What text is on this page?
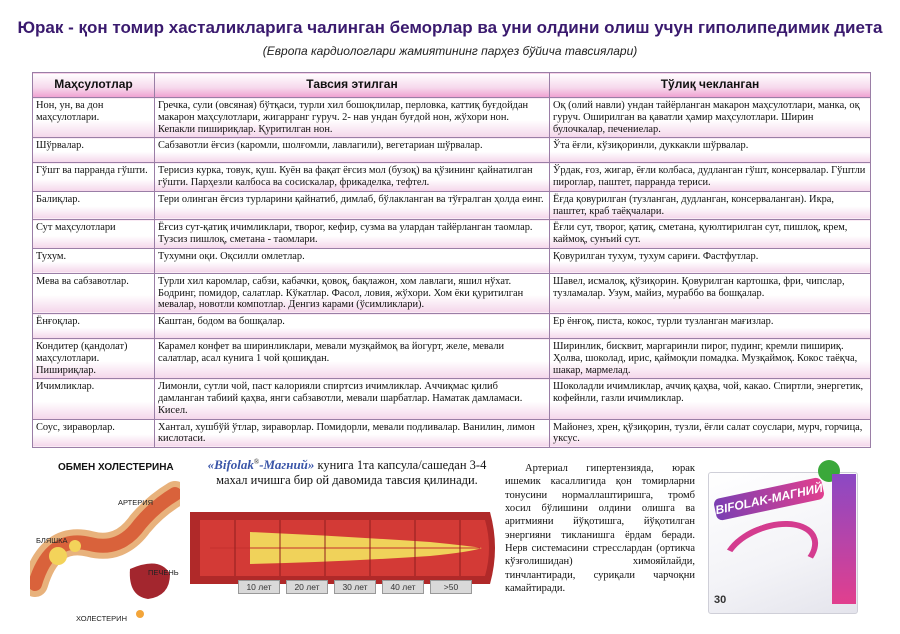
Юрак - қон томир хасталикларига чалинган беморлар ва уни олдини олиш учун гиполипедимик диета
(Европа кардиологлари жамиятининг парҳез бўйича тавсиялари)
Маҳсулотлар	Тавсия этилган	Тўлиқ чекланган
Нон, ун, ва дон маҳсулотлари.	Гречка, сули (овсяная) бўтқаси, турли хил бошоқлилар, перловка, каттиқ буғдойдан макарон маҳсулотлари, жигарранг гуруч. 2- нав ундан буғдой нон, жўхори нон. Кепакли пишириқлар. Қуритилган нон.	Оқ (олий навли) ундан тайёрланган макарон маҳсулотлари, манка, оқ гуруч. Оширилган ва қаватли ҳамир маҳсулотлари. Ширин булочкалар, печениелар.
Шўрвалар.	Сабзавотли ёғсиз (каромли, шолғомли, лавлагили), вегетариан шўрвалар.	Ўта ёғли, кўзиқоринли, дуккакли шўрвалар.
Гўшт ва парранда гўшти.	Терисиз курка, товук, қуш. Куён ва фақат ёғсиз мол (бузоқ) ва қўзининг қайнатилган гўшти. Парҳезли калбоса ва сосискалар, фрикаделка, тефтел.	Ўрдак, ғоз, жигар, ёғли колбаса, дудланган гўшт, консервалар. Гўштли пироглар, паштет, парранда териси.
Балиқлар.	Тери олинган ёғсиз турларини қайнатиб, димлаб, бўлакланган ва тўғралган ҳолда еинг.	Ёғда қовурилган (тузланган, дудланган, консерваланган). Икра, паштет, краб таёқчалари.
Сут маҳсулотлари	Ёғсиз сут-қатиқ ичимликлари, творог, кефир, сузма ва улардан тайёрланган таомлар. Тузсиз пишлоқ, сметана - таомлари.	Ёғли сут, творог, қатиқ, сметана, қуюлтирилган сут, пишлоқ, крем, каймоқ, сунъий сут.
Тухум.	Тухумни оқи. Оқсилли омлетлар.	Қовурилган тухум, тухум сариғи. Фастфутлар.
Мева ва сабзавотлар.	Турли хил каромлар, сабзи, кабачки, қовоқ, бақлажон, хом лавлаги, яшил нўхат. Бодринг, помидор, салатлар. Кўкатлар. Фасол, ловия, жўхори. Хом ёки қуритилган мевалар, новотли компотлар. Денгиз карами (ўсимликлари).	Шавел, исмалоқ, қўзиқорин. Қовурилган картошка, фри, чипслар, тузламалар. Узум, майиз, мураббо ва бошқалар.
Ёнғоқлар.	Каштан, бодом ва бошқалар.	Ер ёнғоқ, писта, кокос, турли тузланган мағизлар.
Кондитер (қандолат) маҳсулотлари. Пишириқлар.	Карамел конфет ва ширинликлари, мевали музқаймоқ ва йогурт, желе, мевали салатлар, асал кунига 1 чой қошиқдан.	Ширинлик, бисквит, маргаринли пирог, пудинг, кремли пишириқ. Ҳолва, шоколад, ирис, қаймоқли помадка. Музқаймоқ. Кокос таёқча, шакар, мармелад.
Ичимликлар.	Лимонли, сутли чой, паст калорияли спиртсиз ичимликлар. Аччиқмас қилиб дамланган табиий қаҳва, янги сабзавотли, мевали шарбатлар. Наматак дамламаси. Кисел.	Шоколадли ичимликлар, аччиқ қаҳва, чой, какао. Спиртли, энергетик, кофейнли, газли ичимликлар.
Соус, зираворлар.	Хантал, хушбўй ўтлар, зираворлар. Помидорли, мевали подливалар. Ванилин, лимон кислотаси.	Майонез, хрен, қўзиқорин, тузли, ёғли салат соуслари, мурч, горчица, уксус.
ОБМЕН ХОЛЕСТЕРИНА
АРТЕРИЯ
БЛЯШКА
ПЕЧЕНЬ
ХОЛЕСТЕРИН
«Bifolak®-Магний» кунига 1та капсула/сашедан 3-4 махал ичишга бир ой давомида тавсия қилинади.
10 лет	20 лет	30 лет	40 лет	>50
Артериал гипертензияда, юрак ишемик касаллигида қон томирларни тонусини нормаллаштиришга, тромб хосил бўлишини олдини олишга ва аритмияни йўқотишга, йўқотилган энергияни тикланишга ёрдам беради. Нерв системасини стресслардан (ортикча кўзғолишидан) химояйлайди, тинчлантиради, суриқали чарчоқни камайтиради.
BIFOLAK-МАГНИЙ
30
